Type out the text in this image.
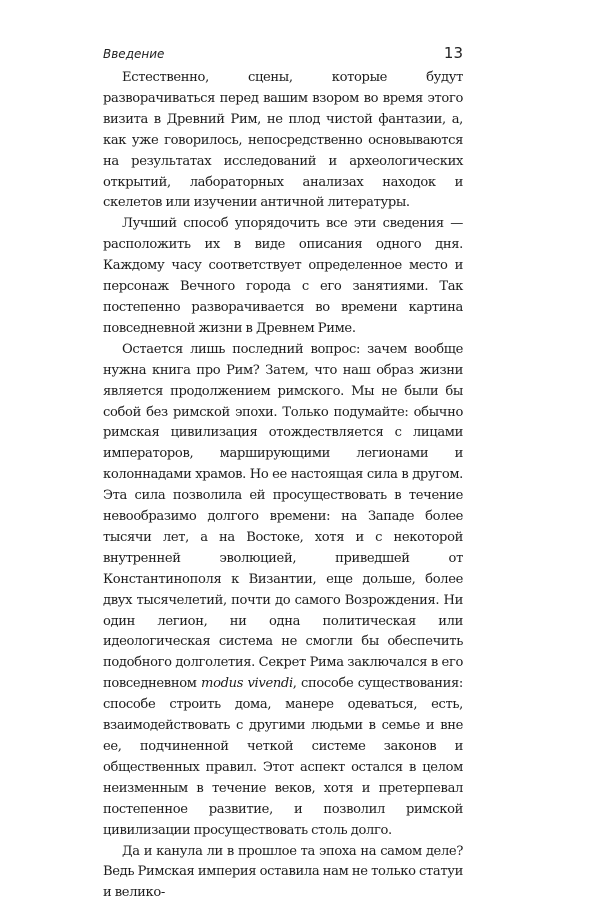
Введение	13

Естественно, сцены, которые будут разворачиваться перед вашим взором во время этого визита в Древний Рим, не плод чистой фантазии, а, как уже говорилось, непосредственно основываются на результатах исследований и археологических открытий, лабораторных анализах находок и скелетов или изучении античной литературы.

Лучший способ упорядочить все эти сведения — расположить их в виде описания одного дня. Каждому часу соответствует определенное место и персонаж Вечного города с его занятиями. Так постепенно разворачивается во времени картина повседневной жизни в Древнем Риме.

Остается лишь последний вопрос: зачем вообще нужна книга про Рим? Затем, что наш образ жизни является продолжением римского. Мы не были бы собой без римской эпохи. Только подумайте: обычно римская цивилизация отождествляется с лицами императоров, марширующими легионами и колоннадами храмов. Но ее настоящая сила в другом. Эта сила позволила ей просуществовать в течение невообразимо долгого времени: на Западе более тысячи лет, а на Востоке, хотя и с некоторой внутренней эволюцией, приведшей от Константинополя к Византии, еще дольше, более двух тысячелетий, почти до самого Возрождения. Ни один легион, ни одна политическая или идеологическая система не смогли бы обеспечить подобного долголетия. Секрет Рима заключался в его повседневном modus vivendi, способе существования: способе строить дома, манере одеваться, есть, взаимодействовать с другими людьми в семье и вне ее, подчиненной четкой системе законов и общественных правил. Этот аспект остался в целом неизменным в течение веков, хотя и претерпевал постепенное развитие, и позволил римской цивилизации просуществовать столь долго.

Да и канула ли в прошлое та эпоха на самом деле? Ведь Римская империя оставила нам не только статуи и велико-
